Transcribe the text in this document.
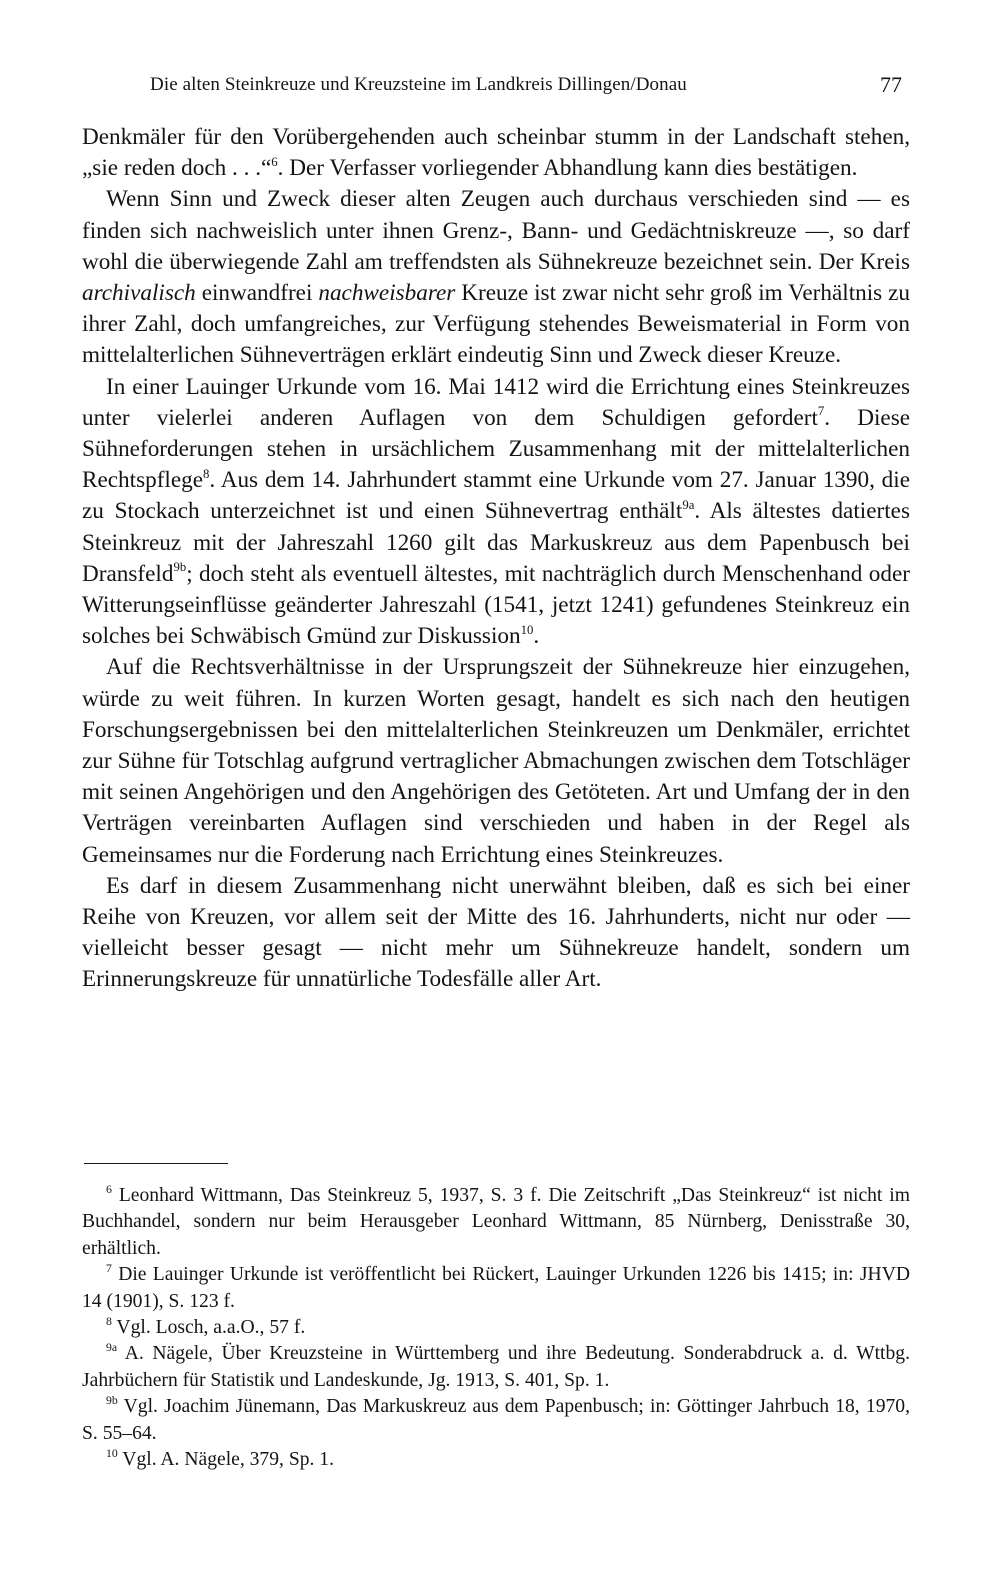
Die alten Steinkreuze und Kreuzsteine im Landkreis Dillingen/Donau	77

Denkmäler für den Vorübergehenden auch scheinbar stumm in der Landschaft stehen, „sie reden doch . . .“$^6$. Der Verfasser vorliegender Abhandlung kann dies bestätigen.

Wenn Sinn und Zweck dieser alten Zeugen auch durchaus verschieden sind — es finden sich nachweislich unter ihnen Grenz-, Bann- und Gedächtniskreuze —, so darf wohl die überwiegende Zahl am treffendsten als Sühnekreuze bezeichnet sein. Der Kreis archivalisch einwandfrei nachweisbarer Kreuze ist zwar nicht sehr groß im Verhältnis zu ihrer Zahl, doch umfangreiches, zur Verfügung stehendes Beweismaterial in Form von mittelalterlichen Sühneverträgen erklärt eindeutig Sinn und Zweck dieser Kreuze.

In einer Lauinger Urkunde vom 16. Mai 1412 wird die Errichtung eines Steinkreuzes unter vielerlei anderen Auflagen von dem Schuldigen gefordert$^7$. Diese Sühneforderungen stehen in ursächlichem Zusammenhang mit der mittelalterlichen Rechtspflege$^8$. Aus dem 14. Jahrhundert stammt eine Urkunde vom 27. Januar 1390, die zu Stockach unterzeichnet ist und einen Sühnevertrag enthält$^{9a}$. Als ältestes datiertes Steinkreuz mit der Jahreszahl 1260 gilt das Markuskreuz aus dem Papenbusch bei Dransfeld$^{9b}$; doch steht als eventuell ältestes, mit nachträglich durch Menschenhand oder Witterungseinflüsse geänderter Jahreszahl (1541, jetzt 1241) gefundenes Steinkreuz ein solches bei Schwäbisch Gmünd zur Diskussion$^{10}$.

Auf die Rechtsverhältnisse in der Ursprungszeit der Sühnekreuze hier einzugehen, würde zu weit führen. In kurzen Worten gesagt, handelt es sich nach den heutigen Forschungsergebnissen bei den mittelalterlichen Steinkreuzen um Denkmäler, errichtet zur Sühne für Totschlag aufgrund vertraglicher Abmachungen zwischen dem Totschläger mit seinen Angehörigen und den Angehörigen des Getöteten. Art und Umfang der in den Verträgen vereinbarten Auflagen sind verschieden und haben in der Regel als Gemeinsames nur die Forderung nach Errichtung eines Steinkreuzes.

Es darf in diesem Zusammenhang nicht unerwähnt bleiben, daß es sich bei einer Reihe von Kreuzen, vor allem seit der Mitte des 16. Jahrhunderts, nicht nur oder — vielleicht besser gesagt — nicht mehr um Sühnekreuze handelt, sondern um Erinnerungskreuze für unnatürliche Todesfälle aller Art.

$^6$ Leonhard Wittmann, Das Steinkreuz 5, 1937, S. 3 f. Die Zeitschrift „Das Steinkreuz“ ist nicht im Buchhandel, sondern nur beim Herausgeber Leonhard Wittmann, 85 Nürnberg, Denisstraße 30, erhältlich.

$^7$ Die Lauinger Urkunde ist veröffentlicht bei Rückert, Lauinger Urkunden 1226 bis 1415; in: JHVD 14 (1901), S. 123 f.

$^8$ Vgl. Losch, a.a.O., 57 f.

$^{9a}$ A. Nägele, Über Kreuzsteine in Württemberg und ihre Bedeutung. Sonderabdruck a. d. Wttbg. Jahrbüchern für Statistik und Landeskunde, Jg. 1913, S. 401, Sp. 1.

$^{9b}$ Vgl. Joachim Jünemann, Das Markuskreuz aus dem Papenbusch; in: Göttinger Jahrbuch 18, 1970, S. 55–64.

$^{10}$ Vgl. A. Nägele, 379, Sp. 1.
